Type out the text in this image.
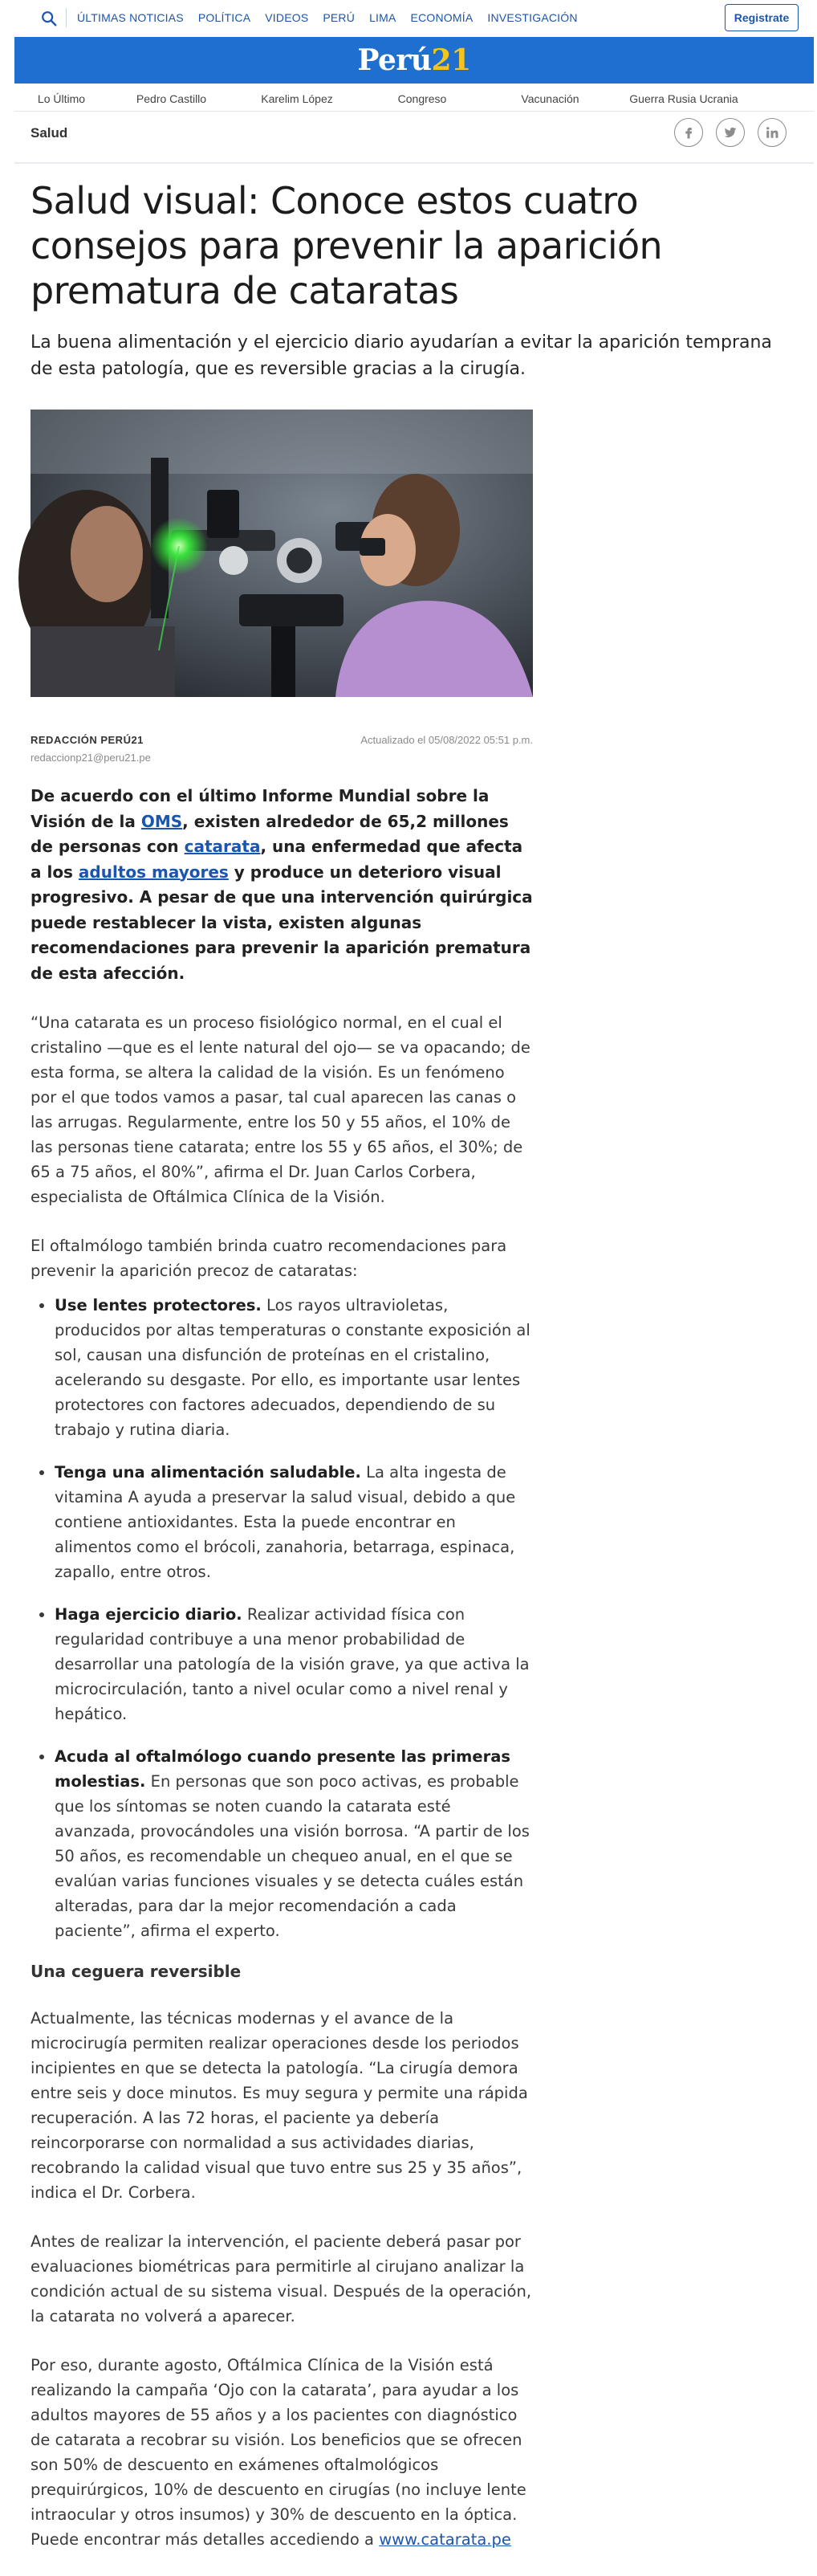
ÚLTIMAS NOTICIAS POLÍTICA VIDEOS PERÚ LIMA ECONOMÍA INVESTIGACIÓN	Registrate
Perú21
Lo Último	Pedro Castillo	Karelim López	Congreso	Vacunación	Guerra Rusia Ucrania
Salud
Salud visual: Conoce estos cuatro consejos para prevenir la aparición prematura de cataratas
La buena alimentación y el ejercicio diario ayudarían a evitar la aparición temprana de esta patología, que es reversible gracias a la cirugía.
REDACCIÓN PERÚ21
redaccionp21@peru21.pe
Actualizado el 05/08/2022 05:51 p.m.

De acuerdo con el último Informe Mundial sobre la Visión de la OMS, existen alrededor de 65,2 millones de personas con catarata, una enfermedad que afecta a los adultos mayores y produce un deterioro visual progresivo. A pesar de que una intervención quirúrgica puede restablecer la vista, existen algunas recomendaciones para prevenir la aparición prematura de esta afección.

“Una catarata es un proceso fisiológico normal, en el cual el cristalino —que es el lente natural del ojo— se va opacando; de esta forma, se altera la calidad de la visión. Es un fenómeno por el que todos vamos a pasar, tal cual aparecen las canas o las arrugas. Regularmente, entre los 50 y 55 años, el 10% de las personas tiene catarata; entre los 55 y 65 años, el 30%; de 65 a 75 años, el 80%”, afirma el Dr. Juan Carlos Corbera, especialista de Oftálmica Clínica de la Visión.

El oftalmólogo también brinda cuatro recomendaciones para prevenir la aparición precoz de cataratas:

• Use lentes protectores. Los rayos ultravioletas, producidos por altas temperaturas o constante exposición al sol, causan una disfunción de proteínas en el cristalino, acelerando su desgaste. Por ello, es importante usar lentes protectores con factores adecuados, dependiendo de su trabajo y rutina diaria.
• Tenga una alimentación saludable. La alta ingesta de vitamina A ayuda a preservar la salud visual, debido a que contiene antioxidantes. Esta la puede encontrar en alimentos como el brócoli, zanahoria, betarraga, espinaca, zapallo, entre otros.
• Haga ejercicio diario. Realizar actividad física con regularidad contribuye a una menor probabilidad de desarrollar una patología de la visión grave, ya que activa la microcirculación, tanto a nivel ocular como a nivel renal y hepático.
• Acuda al oftalmólogo cuando presente las primeras molestias. En personas que son poco activas, es probable que los síntomas se noten cuando la catarata esté avanzada, provocándoles una visión borrosa. “A partir de los 50 años, es recomendable un chequeo anual, en el que se evalúan varias funciones visuales y se detecta cuáles están alteradas, para dar la mejor recomendación a cada paciente”, afirma el experto.
Una ceguera reversible

Actualmente, las técnicas modernas y el avance de la microcirugía permiten realizar operaciones desde los periodos incipientes en que se detecta la patología. “La cirugía demora entre seis y doce minutos. Es muy segura y permite una rápida recuperación. A las 72 horas, el paciente ya debería reincorporarse con normalidad a sus actividades diarias, recobrando la calidad visual que tuvo entre sus 25 y 35 años”, indica el Dr. Corbera.

Antes de realizar la intervención, el paciente deberá pasar por evaluaciones biométricas para permitirle al cirujano analizar la condición actual de su sistema visual. Después de la operación, la catarata no volverá a aparecer.

Por eso, durante agosto, Oftálmica Clínica de la Visión está realizando la campaña ‘Ojo con la catarata’, para ayudar a los adultos mayores de 55 años y a los pacientes con diagnóstico de catarata a recobrar su visión. Los beneficios que se ofrecen son 50% de descuento en exámenes oftalmológicos prequirúrgicos, 10% de descuento en cirugías (no incluye lente intraocular y otros insumos) y 30% de descuento en la óptica. Puede encontrar más detalles accediendo a www.catarata.pe
